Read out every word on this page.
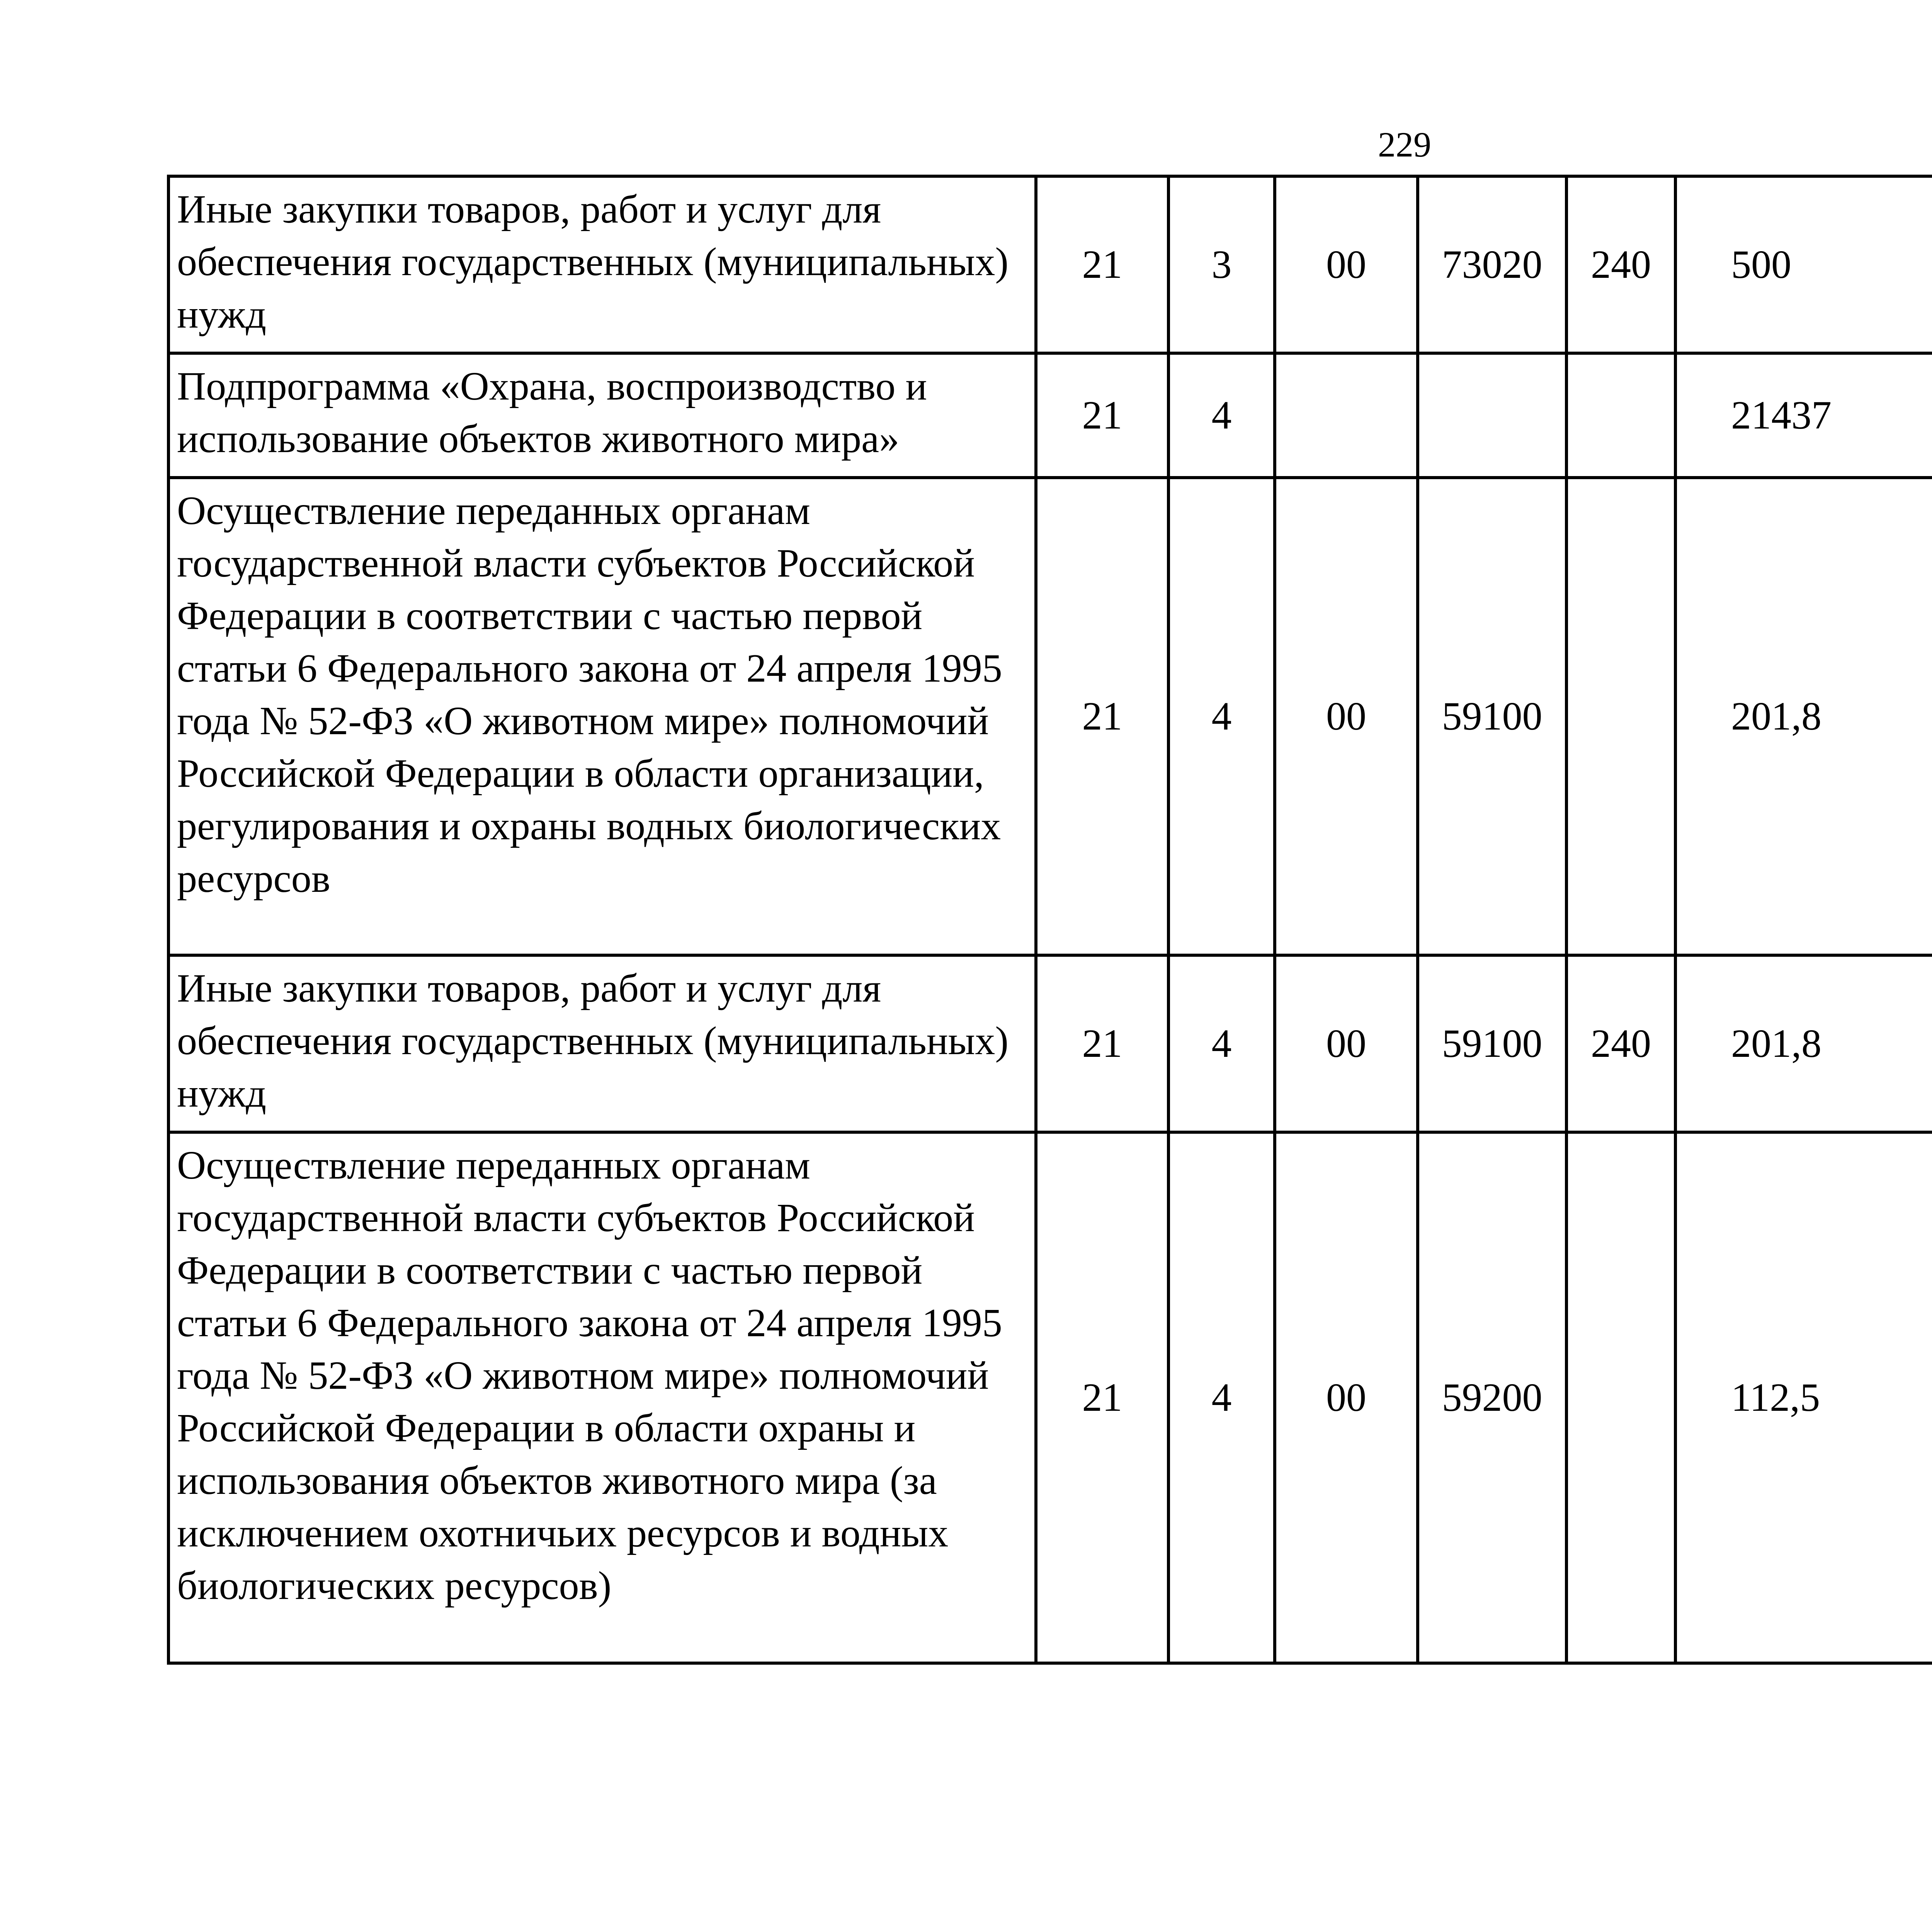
229
Иные закупки товаров, работ и услуг для обеспечения государственных (муниципальных) нужд	21	3	00	73020	240	500		
Подпрограмма «Охрана, воспроизводство и использование объектов животного мира»	21	4				21437		
Осуществление переданных органам государственной власти субъектов Российской Федерации в соответствии с частью первой статьи 6 Федерального закона от 24 апреля 1995 года № 52-ФЗ «О животном мире» полномочий Российской Федерации в области организации, регулирования и охраны водных биологических ресурсов	21	4	00	59100		201,8		
Иные закупки товаров, работ и услуг для обеспечения государственных (муниципальных) нужд	21	4	00	59100	240	201,8		
Осуществление переданных органам государственной власти субъектов Российской Федерации в соответствии с частью первой статьи 6 Федерального закона от 24 апреля 1995 года № 52-ФЗ «О животном мире» полномочий Российской Федерации в области охраны и использования объектов животного мира (за исключением охотничьих ресурсов и водных биологических ресурсов)	21	4	00	59200		112,5		
